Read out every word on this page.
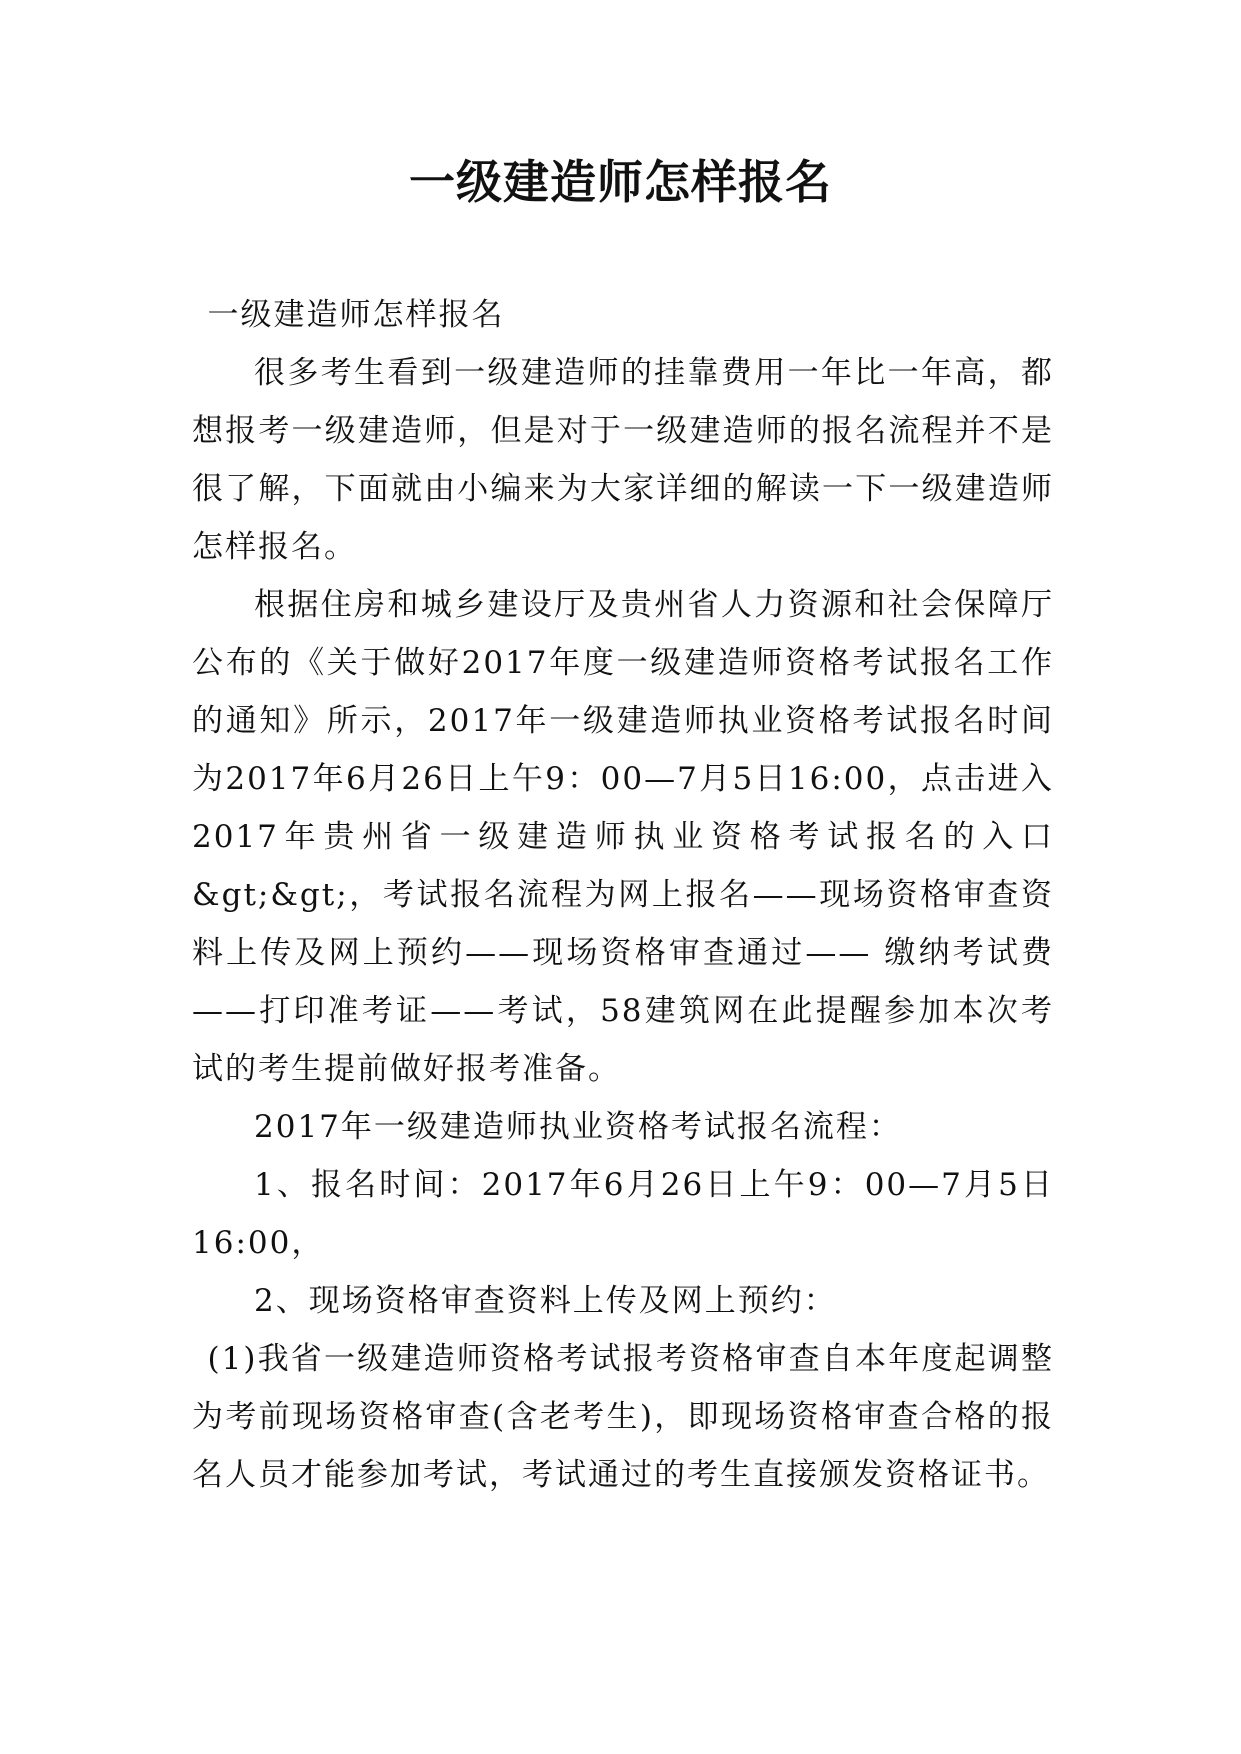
一级建造师怎样报名

一级建造师怎样报名

很多考生看到一级建造师的挂靠费用一年比一年高，都想报考一级建造师，但是对于一级建造师的报名流程并不是很了解，下面就由小编来为大家详细的解读一下一级建造师怎样报名。

根据住房和城乡建设厅及贵州省人力资源和社会保障厅公布的《关于做好2017年度一级建造师资格考试报名工作的通知》所示，2017年一级建造师执业资格考试报名时间为2017年6月26日上午9：00—7月5日16:00，点击进入2017年贵州省一级建造师执业资格考试报名的入口&gt;&gt;，考试报名流程为网上报名——现场资格审查资料上传及网上预约——现场资格审查通过—— 缴纳考试费——打印准考证——考试，58建筑网在此提醒参加本次考试的考生提前做好报考准备。

2017年一级建造师执业资格考试报名流程：

1、报名时间：2017年6月26日上午9：00—7月5日16:00，

2、现场资格审查资料上传及网上预约：

(1)我省一级建造师资格考试报考资格审查自本年度起调整为考前现场资格审查(含老考生)，即现场资格审查合格的报名人员才能参加考试，考试通过的考生直接颁发资格证书。
